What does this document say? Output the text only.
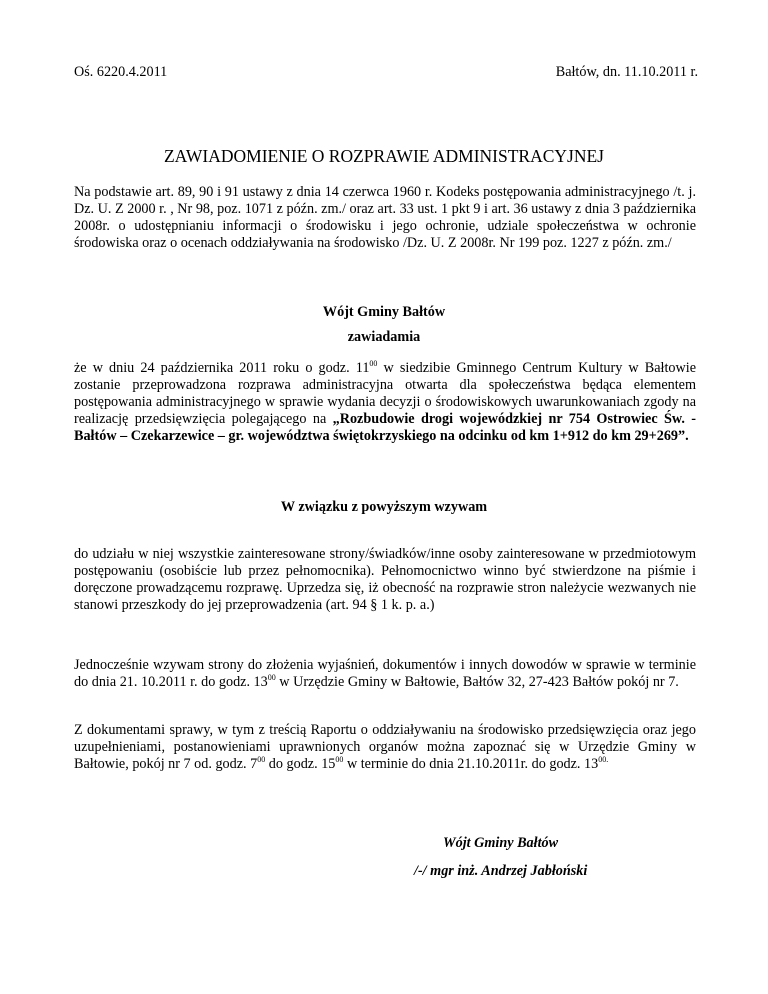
Oś. 6220.4.2011	Bałtów, dn. 11.10.2011 r.
ZAWIADOMIENIE O ROZPRAWIE ADMINISTRACYJNEJ

Na podstawie art. 89, 90 i 91 ustawy z dnia 14 czerwca 1960 r. Kodeks postępowania administracyjnego /t. j. Dz. U. Z 2000 r. , Nr 98, poz. 1071 z późn. zm./ oraz art. 33 ust. 1 pkt 9 i art. 36 ustawy z dnia 3 października 2008r. o udostępnianiu informacji o środowisku i jego ochronie, udziale społeczeństwa w ochronie środowiska oraz o ocenach oddziaływania na środowisko /Dz. U. Z 2008r. Nr 199 poz. 1227 z późn. zm./

Wójt Gminy Bałtów

zawiadamia

że w dniu 24 października 2011 roku o godz. $11^{00}$ w siedzibie Gminnego Centrum Kultury w Bałtowie zostanie przeprowadzona rozprawa administracyjna otwarta dla społeczeństwa będąca elementem postępowania administracyjnego w sprawie wydania decyzji o środowiskowych uwarunkowaniach zgody na realizację przedsięwzięcia polegającego na „Rozbudowie drogi wojewódzkiej nr 754 Ostrowiec Św. - Bałtów – Czekarzewice – gr. województwa świętokrzyskiego na odcinku od km 1+912 do km 29+269”.

W związku z powyższym wzywam

do udziału w niej wszystkie zainteresowane strony/świadków/inne osoby zainteresowane w przedmiotowym postępowaniu (osobiście lub przez pełnomocnika). Pełnomocnictwo winno być stwierdzone na piśmie i doręczone prowadzącemu rozprawę. Uprzedza się, iż obecność na rozprawie stron należycie wezwanych nie stanowi przeszkody do jej przeprowadzenia (art. 94 § 1 k. p. a.)

Jednocześnie wzywam strony do złożenia wyjaśnień, dokumentów i innych dowodów w sprawie w terminie do dnia 21. 10.2011 r. do godz. $13^{00}$ w Urzędzie Gminy w Bałtowie, Bałtów 32, 27-423 Bałtów pokój nr 7.

Z dokumentami sprawy, w tym z treścią Raportu o oddziaływaniu na środowisko przedsięwzięcia oraz jego uzupełnieniami, postanowieniami uprawnionych organów można zapoznać się w Urzędzie Gminy w Bałtowie, pokój nr 7 od. godz. $7^{00}$ do godz. $15^{00}$ w terminie do dnia 21.10.2011r. do godz. $13^{00.}$

Wójt Gminy Bałtów

/-/ mgr inż. Andrzej Jabłoński
